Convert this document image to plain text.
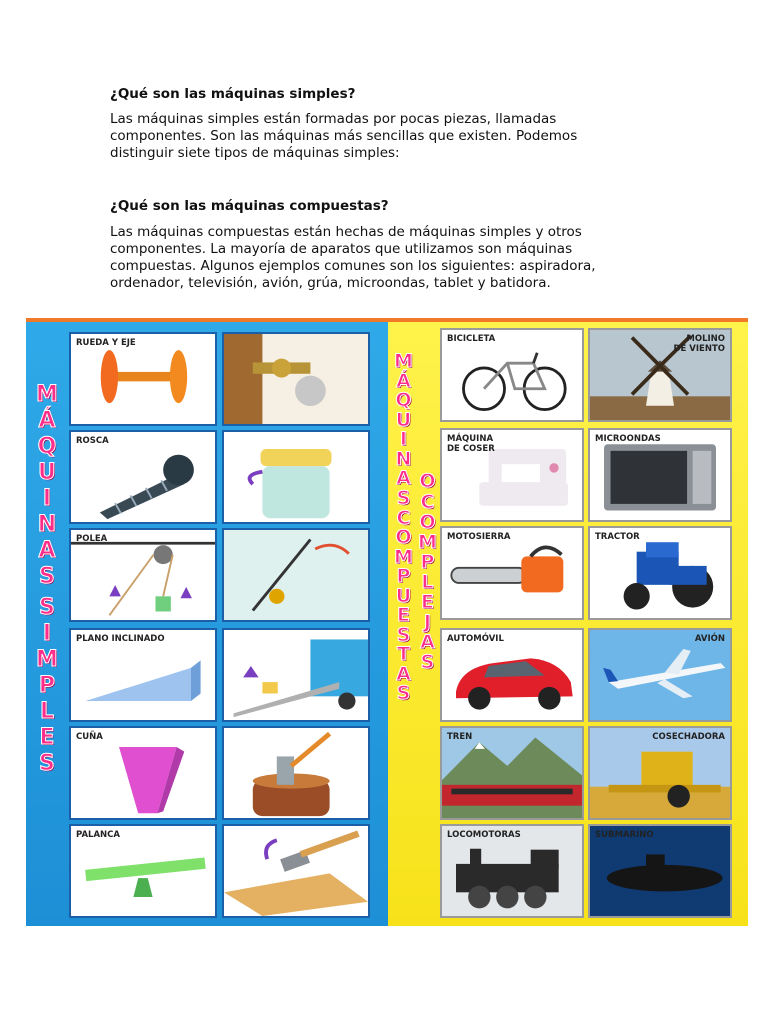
¿Qué son las máquinas simples?
Las máquinas simples están formadas por pocas piezas, llamadas
componentes. Son las máquinas más sencillas que existen. Podemos
distinguir siete tipos de máquinas simples:
¿Qué son las máquinas compuestas?
Las máquinas compuestas están hechas de máquinas simples y otros
componentes. La mayoría de aparatos que utilizamos son máquinas
compuestas. Algunos ejemplos comunes son los siguientes: aspiradora,
ordenador, televisión, avión, grúa, microondas, tablet y batidora.
M
Á
Q
U
I
N
A
S
S
I
M
P
L
E
S
RUEDA Y EJE
ROSCA
POLEA
PLANO INCLINADO
CUÑA
PALANCA
M
Á
Q
U
I
N
A
S
C
O
M
P
U
E
S
T
A
S
O
C
O
M
P
L
E
J
A
S
BICICLETA	MOLINO
DE VIENTO
MÁQUINA
DE COSER
MICROONDAS
MOTOSIERRA	TRACTOR
AUTOMÓVIL	AVIÓN
TREN	COSECHADORA
LOCOMOTORAS	SUBMARINO
